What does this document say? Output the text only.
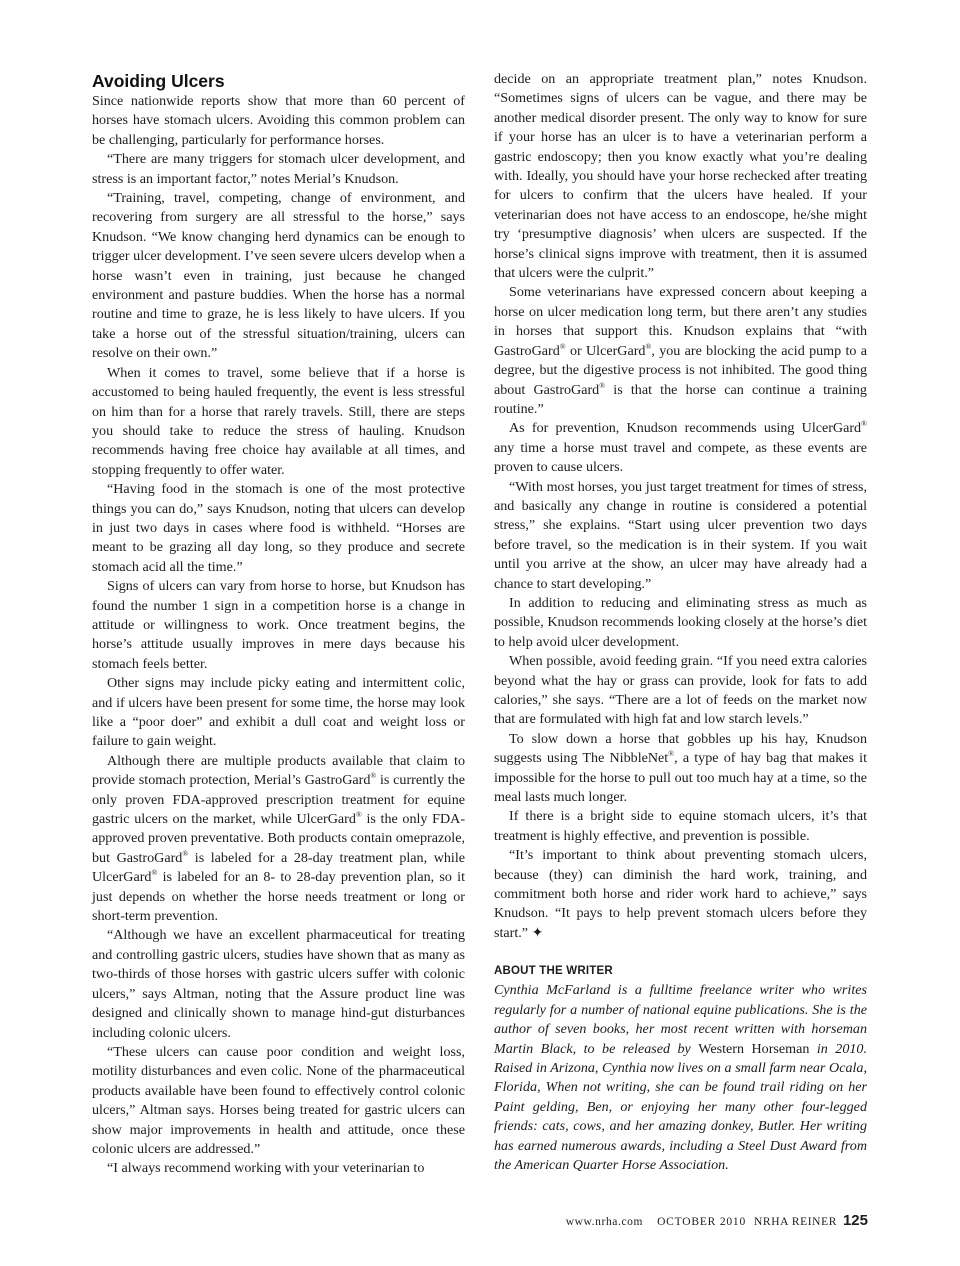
Avoiding Ulcers

Since nationwide reports show that more than 60 percent of horses have stomach ulcers. Avoiding this common problem can be challenging, particularly for performance horses.

“There are many triggers for stomach ulcer development, and stress is an important factor,” notes Merial’s Knudson.

“Training, travel, competing, change of environment, and recovering from surgery are all stressful to the horse,” says Knudson. “We know changing herd dynamics can be enough to trigger ulcer development. I’ve seen severe ulcers develop when a horse wasn’t even in training, just because he changed environment and pasture buddies. When the horse has a normal routine and time to graze, he is less likely to have ulcers. If you take a horse out of the stressful situation/training, ulcers can resolve on their own.”

When it comes to travel, some believe that if a horse is accustomed to being hauled frequently, the event is less stressful on him than for a horse that rarely travels. Still, there are steps you should take to reduce the stress of hauling. Knudson recommends having free choice hay available at all times, and stopping frequently to offer water.

“Having food in the stomach is one of the most protective things you can do,” says Knudson, noting that ulcers can develop in just two days in cases where food is withheld. “Horses are meant to be grazing all day long, so they produce and secrete stomach acid all the time.”

Signs of ulcers can vary from horse to horse, but Knudson has found the number 1 sign in a competition horse is a change in attitude or willingness to work. Once treatment begins, the horse’s attitude usually improves in mere days because his stomach feels better.

Other signs may include picky eating and intermittent colic, and if ulcers have been present for some time, the horse may look like a “poor doer” and exhibit a dull coat and weight loss or failure to gain weight.

Although there are multiple products available that claim to provide stomach protection, Merial’s GastroGard® is currently the only proven FDA-approved prescription treatment for equine gastric ulcers on the market, while UlcerGard® is the only FDA-approved proven preventative. Both products contain omeprazole, but GastroGard® is labeled for a 28-day treatment plan, while UlcerGard® is labeled for an 8- to 28-day prevention plan, so it just depends on whether the horse needs treatment or long or short-term prevention.

“Although we have an excellent pharmaceutical for treating and controlling gastric ulcers, studies have shown that as many as two-thirds of those horses with gastric ulcers suffer with colonic ulcers,” says Altman, noting that the Assure product line was designed and clinically shown to manage hind-gut disturbances including colonic ulcers.

“These ulcers can cause poor condition and weight loss, motility disturbances and even colic. None of the pharmaceutical products available have been found to effectively control colonic ulcers,” Altman says. Horses being treated for gastric ulcers can show major improvements in health and attitude, once these colonic ulcers are addressed.”

“I always recommend working with your veterinarian to

decide on an appropriate treatment plan,” notes Knudson. “Sometimes signs of ulcers can be vague, and there may be another medical disorder present. The only way to know for sure if your horse has an ulcer is to have a veterinarian perform a gastric endoscopy; then you know exactly what you’re dealing with. Ideally, you should have your horse rechecked after treating for ulcers to confirm that the ulcers have healed. If your veterinarian does not have access to an endoscope, he/she might try ‘presumptive diagnosis’ when ulcers are suspected. If the horse’s clinical signs improve with treatment, then it is assumed that ulcers were the culprit.”

Some veterinarians have expressed concern about keeping a horse on ulcer medication long term, but there aren’t any studies in horses that support this. Knudson explains that “with GastroGard® or UlcerGard®, you are blocking the acid pump to a degree, but the digestive process is not inhibited. The good thing about GastroGard® is that the horse can continue a training routine.”

As for prevention, Knudson recommends using UlcerGard® any time a horse must travel and compete, as these events are proven to cause ulcers.

“With most horses, you just target treatment for times of stress, and basically any change in routine is considered a potential stress,” she explains. “Start using ulcer prevention two days before travel, so the medication is in their system. If you wait until you arrive at the show, an ulcer may have already had a chance to start developing.”

In addition to reducing and eliminating stress as much as possible, Knudson recommends looking closely at the horse’s diet to help avoid ulcer development.

When possible, avoid feeding grain. “If you need extra calories beyond what the hay or grass can provide, look for fats to add calories,” she says. “There are a lot of feeds on the market now that are formulated with high fat and low starch levels.”

To slow down a horse that gobbles up his hay, Knudson suggests using The NibbleNet®, a type of hay bag that makes it impossible for the horse to pull out too much hay at a time, so the meal lasts much longer.

If there is a bright side to equine stomach ulcers, it’s that treatment is highly effective, and prevention is possible.

“It’s important to think about preventing stomach ulcers, because (they) can diminish the hard work, training, and commitment both horse and rider work hard to achieve,” says Knudson. “It pays to help prevent stomach ulcers before they start.” ✦

ABOUT THE WRITER

Cynthia McFarland is a fulltime freelance writer who writes regularly for a number of national equine publications. She is the author of seven books, her most recent written with horseman Martin Black, to be released by Western Horseman in 2010. Raised in Arizona, Cynthia now lives on a small farm near Ocala, Florida, When not writing, she can be found trail riding on her Paint gelding, Ben, or enjoying her many other four-legged friends: cats, cows, and her amazing donkey, Butler. Her writing has earned numerous awards, including a Steel Dust Award from the American Quarter Horse Association.

www.nrha.com OCTOBER 2010 NRHA REINER 125
